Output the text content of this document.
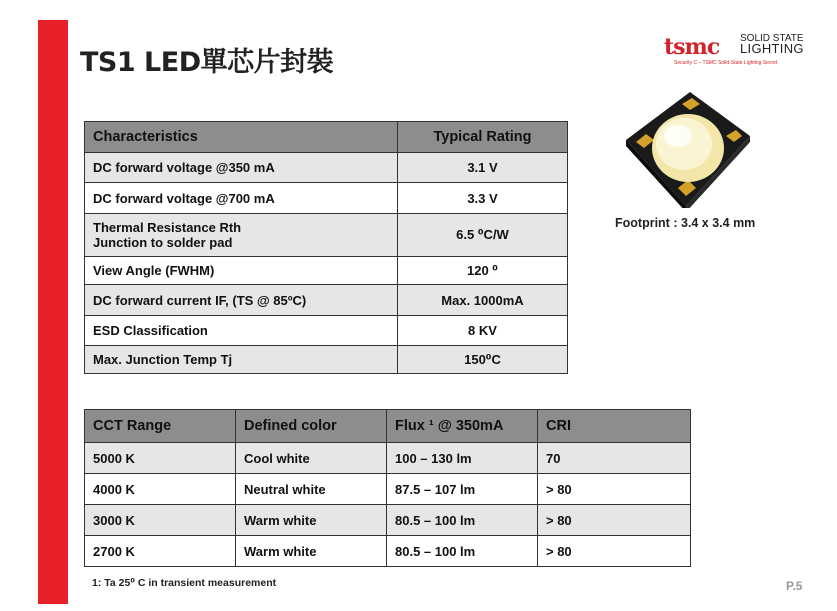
TS1 LED單芯片封裝	tsmc SOLID STATE
LIGHTING
Security C – TSMC Solid-State Lighting Secret
Characteristics	Typical Rating
DC forward voltage @350 mA	3.1 V
DC forward voltage @700 mA	3.3 V
Thermal Resistance Rth
Junction to solder pad	6.5 ⁰C/W
View Angle (FWHM)	120 ⁰
DC forward current IF, (TS @ 85ºC)	Max. 1000mA
ESD Classification	8 KV
Max. Junction Temp Tj	150⁰C
Footprint : 3.4 x 3.4 mm
CCT Range	Defined color	Flux ¹ @ 350mA	CRI
5000 K	Cool white	100 – 130 lm	70
4000 K	Neutral white	87.5 – 107 lm	> 80
3000 K	Warm white	80.5 – 100 lm	> 80
2700 K	Warm white	80.5 – 100 lm	> 80
1: Ta 25⁰ C in transient measurement	P.5
